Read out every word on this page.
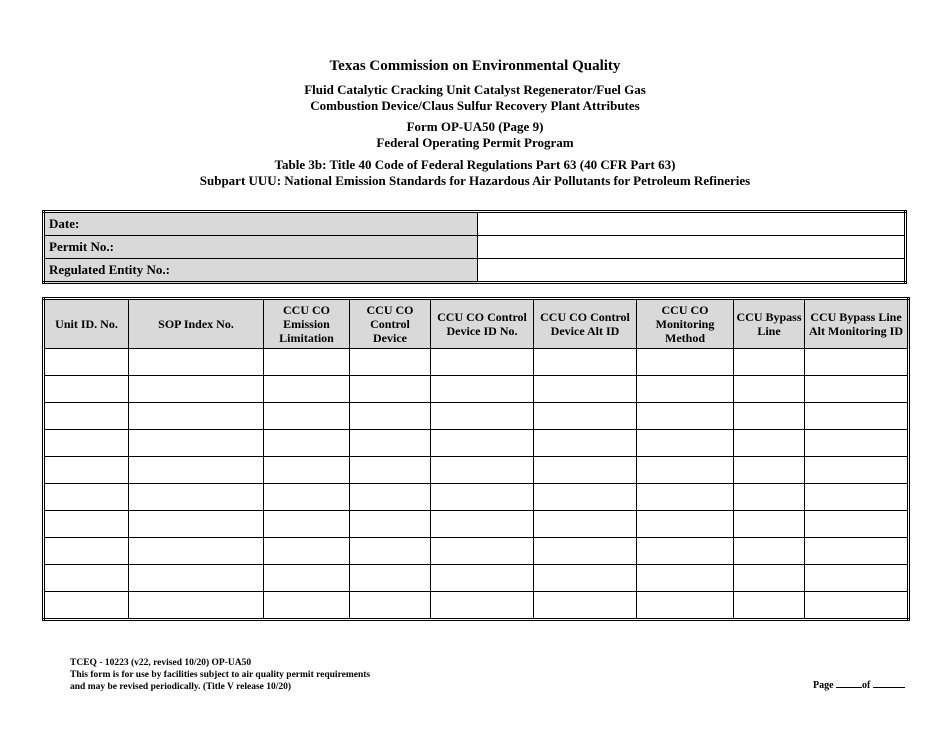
Texas Commission on Environmental Quality
Fluid Catalytic Cracking Unit Catalyst Regenerator/Fuel Gas
Combustion Device/Claus Sulfur Recovery Plant Attributes
Form OP-UA50 (Page 9)
Federal Operating Permit Program
Table 3b: Title 40 Code of Federal Regulations Part 63 (40 CFR Part 63)
Subpart UUU: National Emission Standards for Hazardous Air Pollutants for Petroleum Refineries
Date:	
Permit No.:	
Regulated Entity No.:	
Unit ID. No.	SOP Index No.	CCU CO Emission Limitation	CCU CO Control Device	CCU CO Control Device ID No.	CCU CO Control Device Alt ID	CCU CO Monitoring Method	CCU Bypass Line	CCU Bypass Line Alt Monitoring ID

TCEQ - 10223 (v22, revised 10/20) OP-UA50
This form is for use by facilities subject to air quality permit requirements
and may be revised periodically. (Title V release 10/20)	Page	of
